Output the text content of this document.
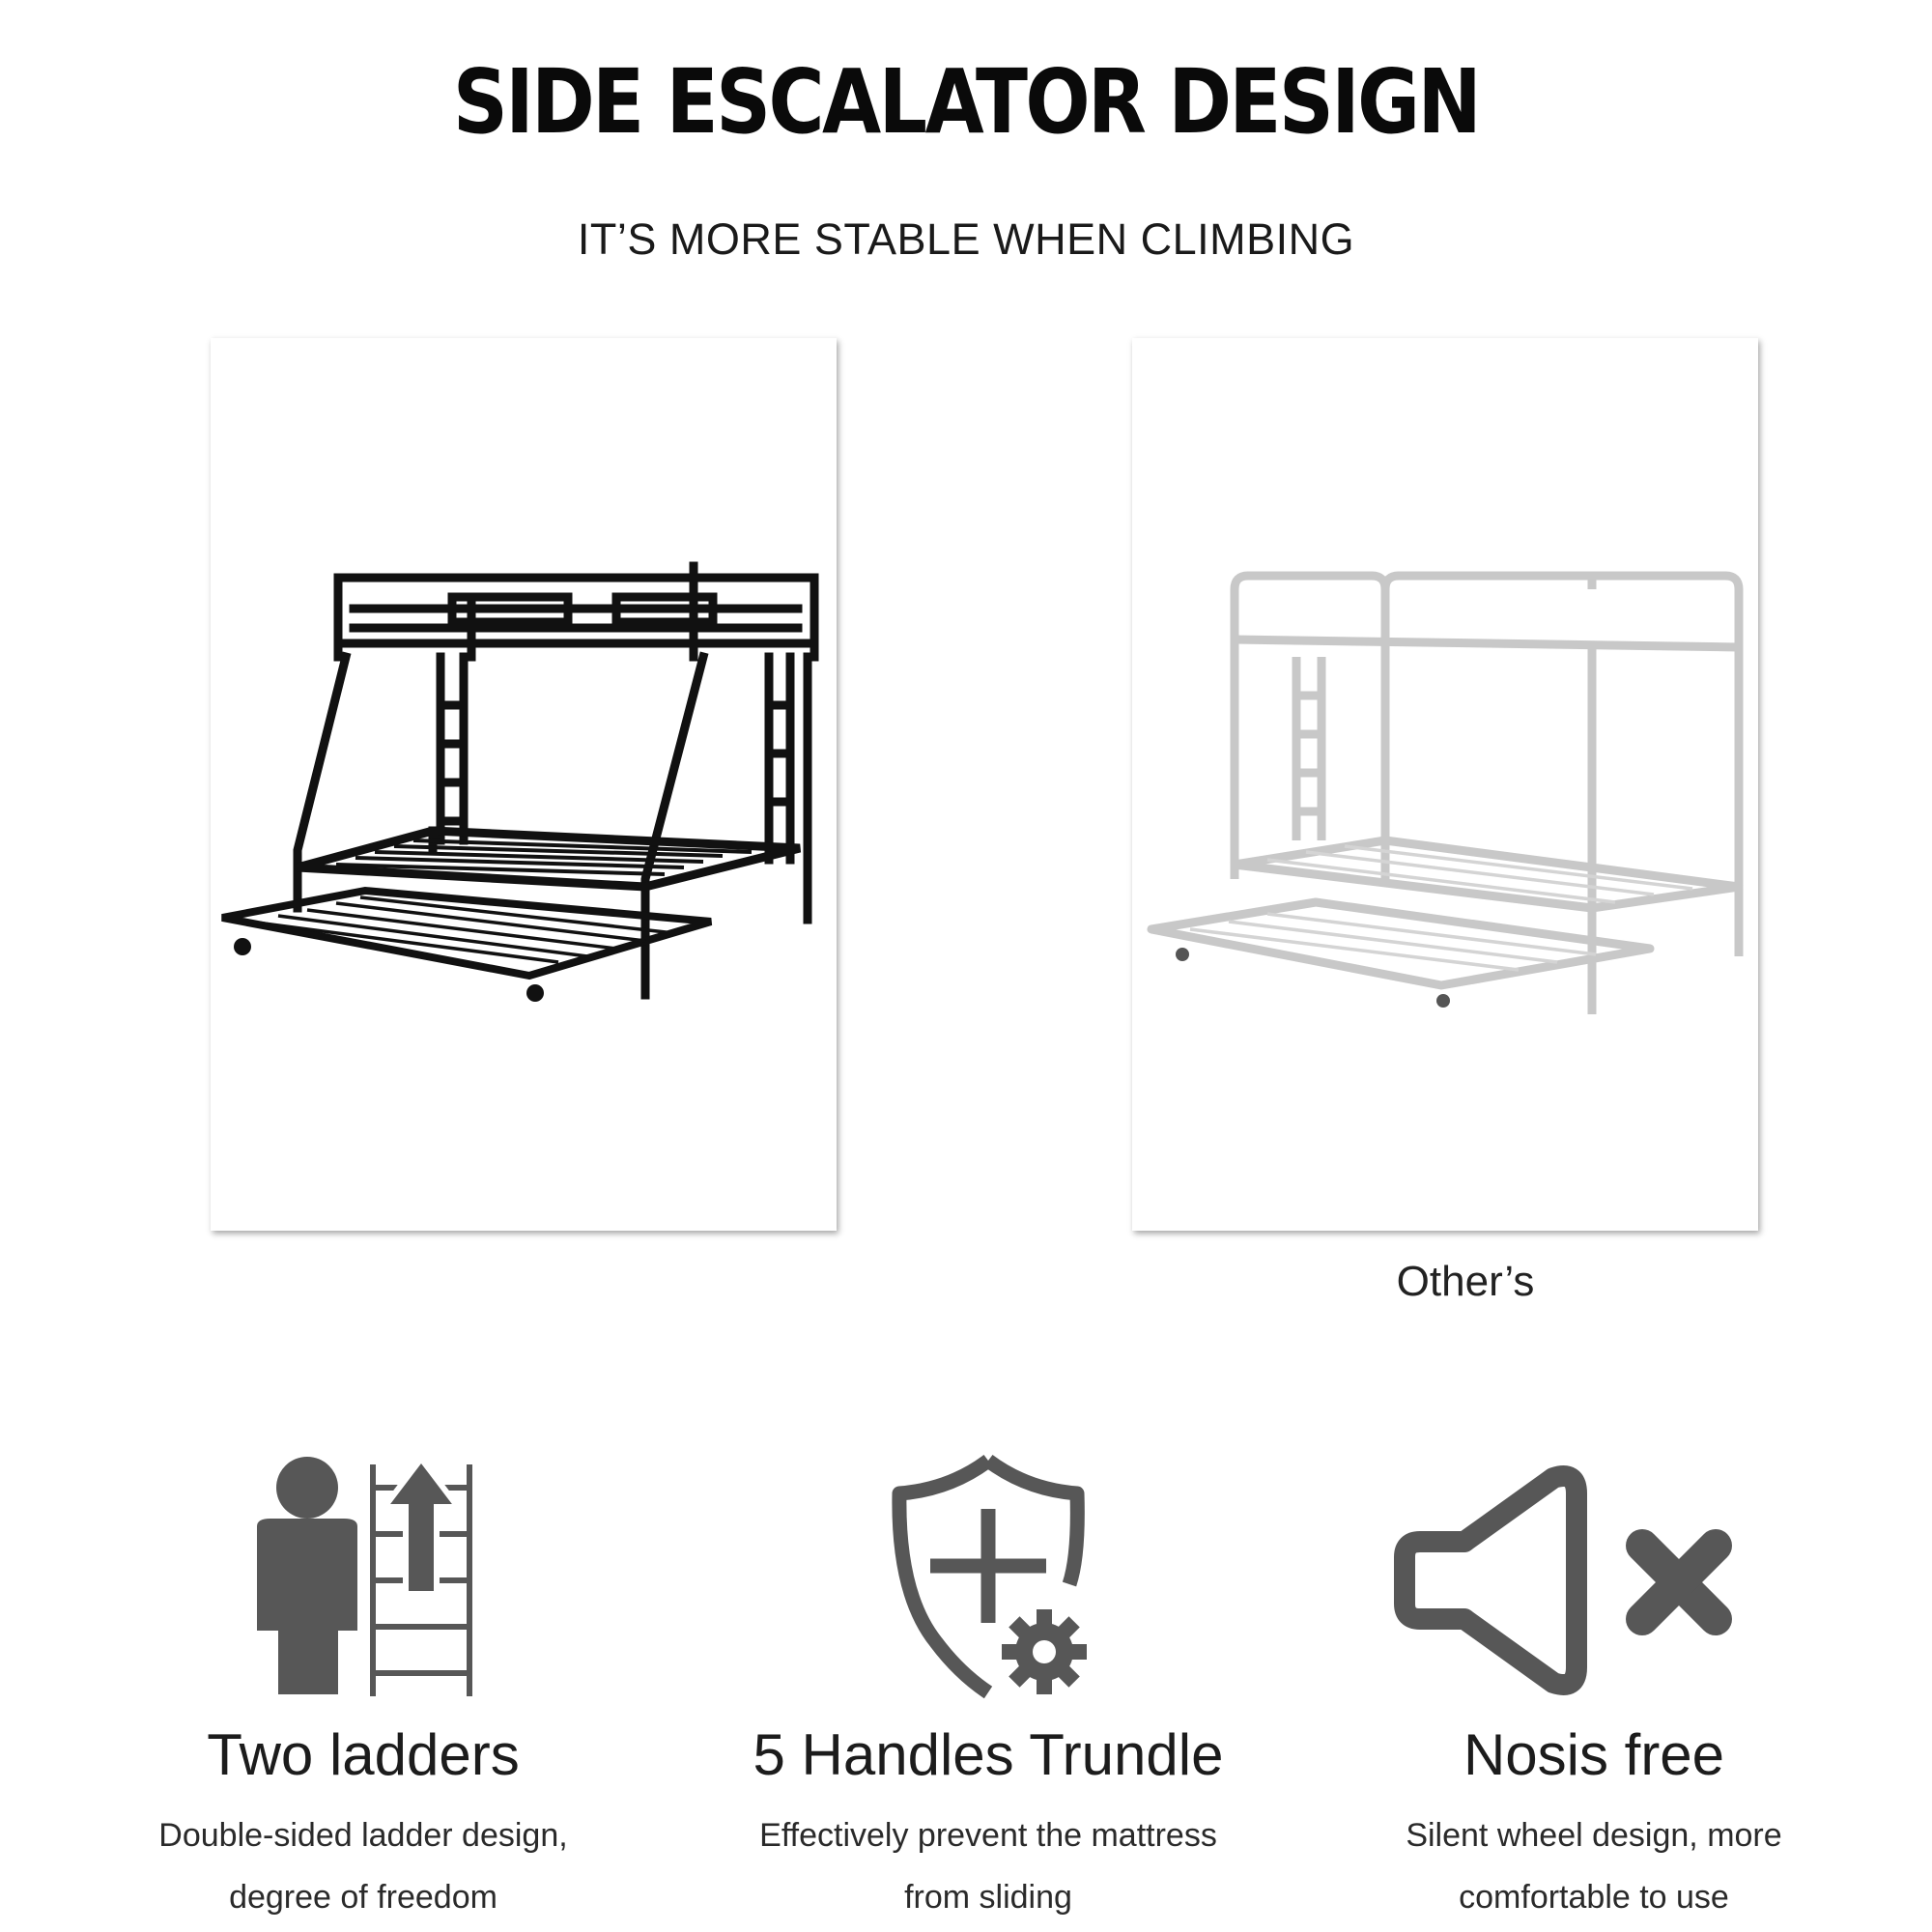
SIDE ESCALATOR DESIGN
IT’S MORE STABLE WHEN CLIMBING
Other’s
Two ladders
Double-sided ladder design,
degree of freedom
5 Handles Trundle
Effectively prevent the mattress
from sliding
Nosis free
Silent wheel design, more
comfortable to use
